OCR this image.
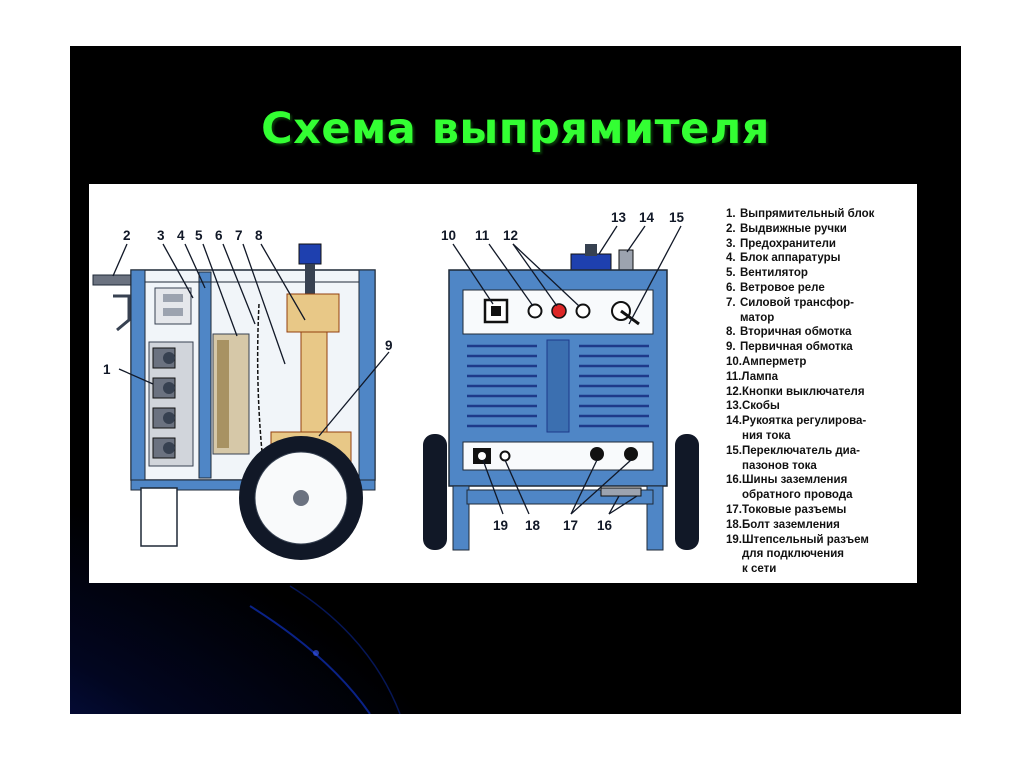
Схема выпрямителя
2 3 4 5 6 7 8
1
9
10 11 12
13 14 15
19 18 17 16
1. Выпрямительный блок
2. Выдвижные ручки
3. Предохранители
4. Блок аппаратуры
5. Вентилятор
6. Ветровое реле
7. Силовой трансфор-
матор
8. Вторичная обмотка
9. Первичная обмотка
10. Амперметр
11. Лампа
12. Кнопки выключателя
13. Скобы
14. Рукоятка регулирова-
ния тока
15. Переключатель диа-
пазонов тока
16. Шины заземления
обратного провода
17. Токовые разъемы
18. Болт заземления
19. Штепсельный разъем
для подключения
к сети
